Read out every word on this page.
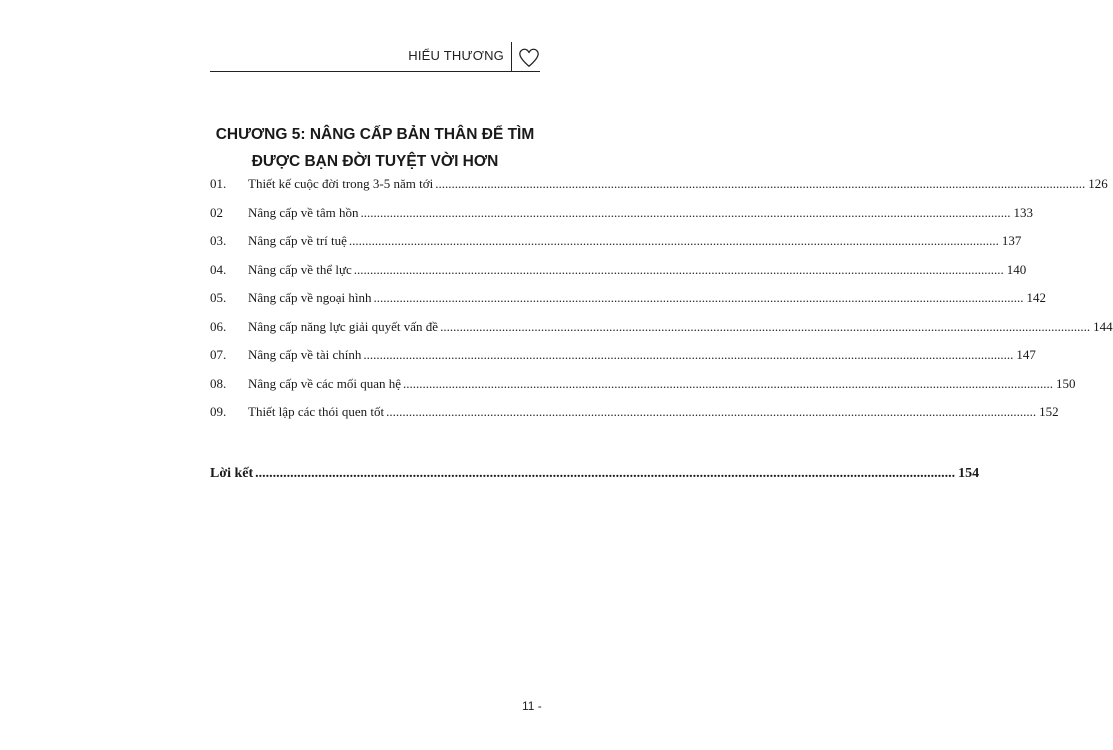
HIỂU THƯƠNG
CHƯƠNG 5: NÂNG CẤP BẢN THÂN ĐỂ TÌM
ĐƯỢC BẠN ĐỜI TUYỆT VỜI HƠN
01.	Thiết kế cuộc đời trong 3-5 năm tới ........................................................................................................................................................................................................ 126
02	Nâng cấp về tâm hồn ........................................................................................................................................................................................................ 133
03.	Nâng cấp về trí tuệ ........................................................................................................................................................................................................ 137
04.	Nâng cấp về thể lực ........................................................................................................................................................................................................ 140
05.	Nâng cấp về ngoại hình ........................................................................................................................................................................................................ 142
06.	Nâng cấp năng lực giải quyết vấn đề ........................................................................................................................................................................................................ 144
07.	Nâng cấp về tài chính ........................................................................................................................................................................................................ 147
08.	Nâng cấp về các mối quan hệ ........................................................................................................................................................................................................ 150
09.	Thiết lập các thói quen tốt ........................................................................................................................................................................................................ 152
Lời kết ........................................................................................................................................................................................................ 154
11 -
